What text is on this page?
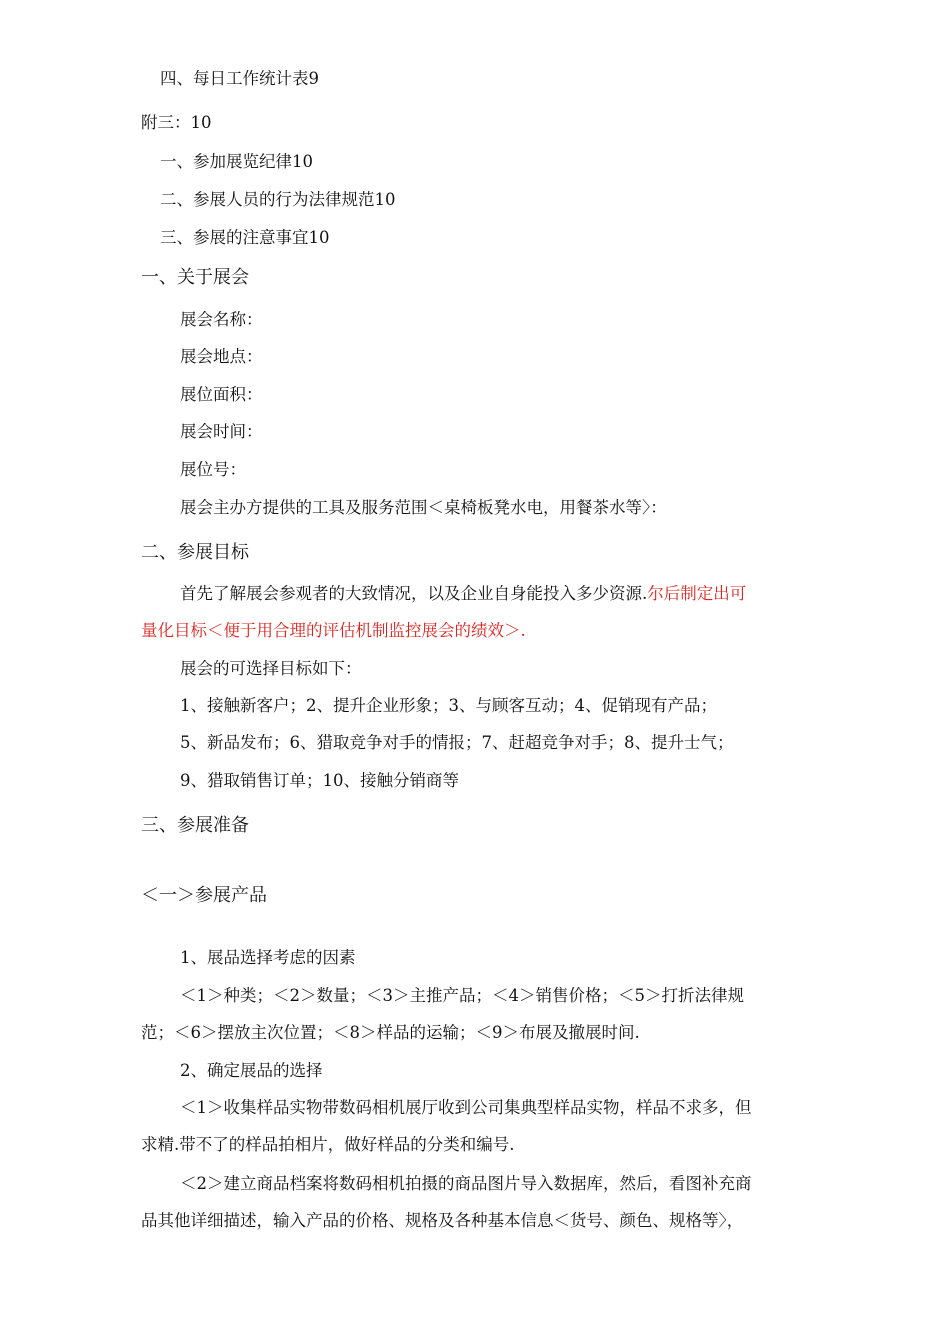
四、每日工作统计表9
附三：10
一、参加展览纪律10
二、参展人员的行为法律规范10
三、参展的注意事宜10
一、关于展会
展会名称：
展会地点：
展位面积：
展会时间：
展位号：
展会主办方提供的工具及服务范围＜桌椅板凳水电，用餐茶水等〉：
二、参展目标
首先了解展会参观者的大致情况，以及企业自身能投入多少资源.尔后制定出可
量化目标＜便于用合理的评估机制监控展会的绩效＞.
展会的可选择目标如下：
1、接触新客户；2、提升企业形象；3、与顾客互动；4、促销现有产品；
5、新品发布；6、猎取竞争对手的情报；7、赶超竞争对手；8、提升士气；
9、猎取销售订单；10、接触分销商等
三、参展准备
＜一＞参展产品
1、展品选择考虑的因素
＜1＞种类；＜2＞数量；＜3＞主推产品；＜4＞销售价格；＜5＞打折法律规
范；＜6＞摆放主次位置；＜8＞样品的运输；＜9＞布展及撤展时间.
2、确定展品的选择
＜1＞收集样品实物带数码相机展厅收到公司集典型样品实物，样品不求多，但
求精.带不了的样品拍相片，做好样品的分类和编号.
＜2＞建立商品档案将数码相机拍摄的商品图片导入数据库，然后，看图补充商
品其他详细描述，输入产品的价格、规格及各种基本信息＜货号、颜色、规格等〉，
